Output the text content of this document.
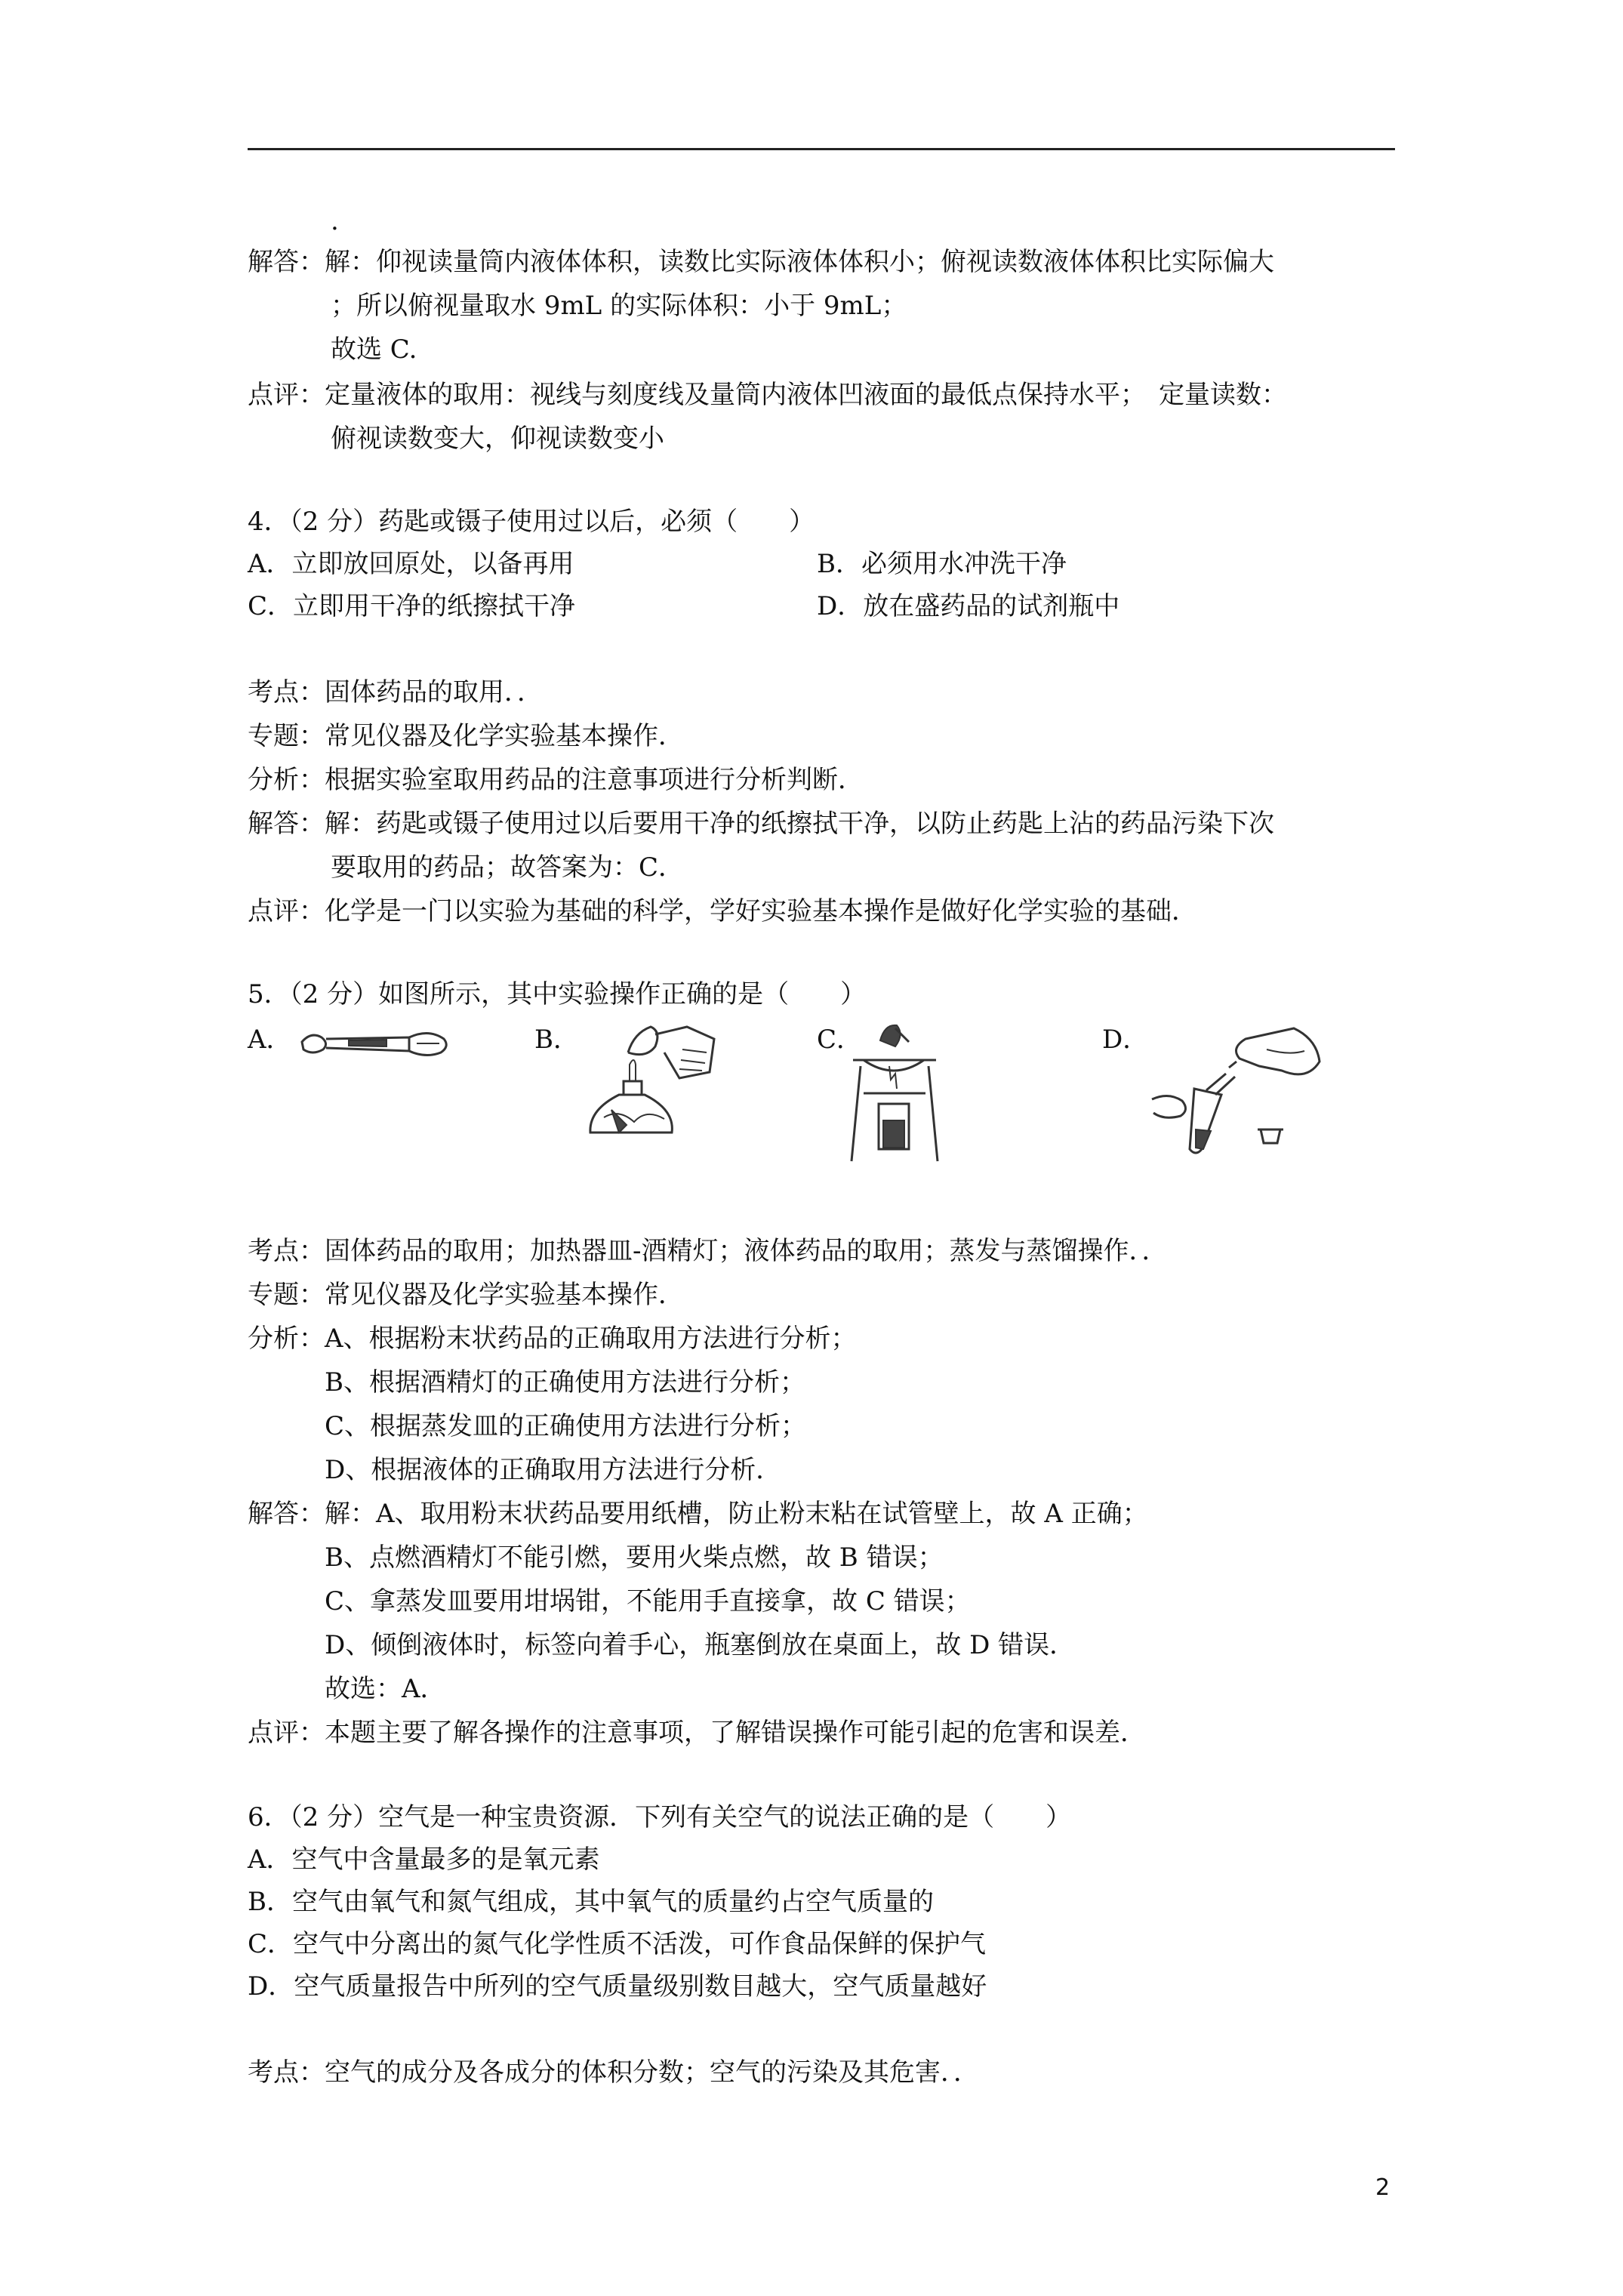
.
解答：解：仰视读量筒内液体体积，读数比实际液体体积小；俯视读数液体体积比实际偏大
；所以俯视量取水 9mL 的实际体积：小于 9mL；
故选 C.
点评：定量液体的取用：视线与刻度线及量筒内液体凹液面的最低点保持水平；　定量读数：
俯视读数变大，仰视读数变小
4．（2 分）药匙或镊子使用过以后，必须（　　）
A．立即放回原处，以备再用	B．必须用水冲洗干净
C．立即用干净的纸擦拭干净	D．放在盛药品的试剂瓶中
考点：固体药品的取用．．
专题：常见仪器及化学实验基本操作．
分析：根据实验室取用药品的注意事项进行分析判断．
解答：解：药匙或镊子使用过以后要用干净的纸擦拭干净，以防止药匙上沾的药品污染下次
要取用的药品；故答案为：C．
点评：化学是一门以实验为基础的科学，学好实验基本操作是做好化学实验的基础．
5．（2 分）如图所示，其中实验操作正确的是（　　）
A．	B．	C．	D．
考点：固体药品的取用；加热器皿-酒精灯；液体药品的取用；蒸发与蒸馏操作．．
专题：常见仪器及化学实验基本操作．
分析：A、根据粉末状药品的正确取用方法进行分析；
B、根据酒精灯的正确使用方法进行分析；
C、根据蒸发皿的正确使用方法进行分析；
D、根据液体的正确取用方法进行分析．
解答：解：A、取用粉末状药品要用纸槽，防止粉末粘在试管壁上，故 A 正确；
B、点燃酒精灯不能引燃，要用火柴点燃，故 B 错误；
C、拿蒸发皿要用坩埚钳，不能用手直接拿，故 C 错误；
D、倾倒液体时，标签向着手心，瓶塞倒放在桌面上，故 D 错误．
故选：A．
点评：本题主要了解各操作的注意事项，了解错误操作可能引起的危害和误差．
6．（2 分）空气是一种宝贵资源．下列有关空气的说法正确的是（　　）
A．空气中含量最多的是氧元素
B．空气由氧气和氮气组成，其中氧气的质量约占空气质量的
C．空气中分离出的氮气化学性质不活泼，可作食品保鲜的保护气
D．空气质量报告中所列的空气质量级别数目越大，空气质量越好
考点：空气的成分及各成分的体积分数；空气的污染及其危害．．
2
